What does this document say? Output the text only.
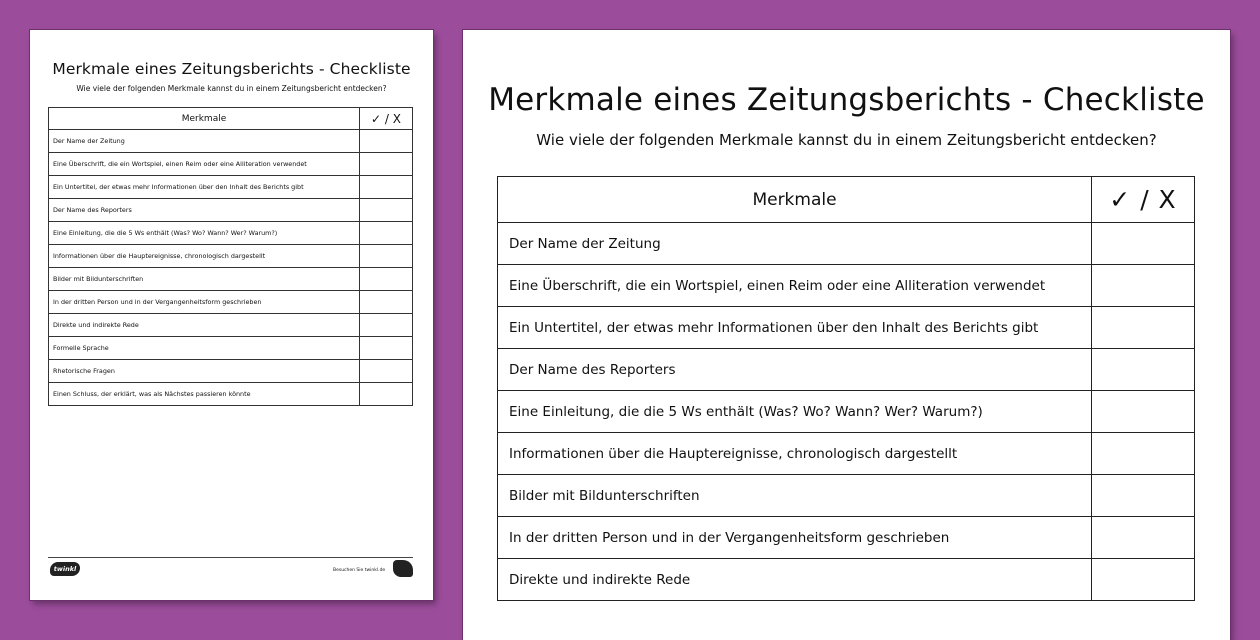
Merkmale eines Zeitungsberichts - Checkliste
Wie viele der folgenden Merkmale kannst du in einem Zeitungsbericht entdecken?
Merkmale	✓ / X
Der Name der Zeitung	
Eine Überschrift, die ein Wortspiel, einen Reim oder eine Alliteration verwendet	
Ein Untertitel, der etwas mehr Informationen über den Inhalt des Berichts gibt	
Der Name des Reporters	
Eine Einleitung, die die 5 Ws enthält (Was? Wo? Wann? Wer? Warum?)	
Informationen über die Hauptereignisse, chronologisch dargestellt	
Bilder mit Bildunterschriften	
In der dritten Person und in der Vergangenheitsform geschrieben	
Direkte und indirekte Rede	
Formelle Sprache	
Rhetorische Fragen	
Einen Schluss, der erklärt, was als Nächstes passieren könnte	
twinkl	Besuchen Sie twinkl.de
Merkmale eines Zeitungsberichts - Checkliste
Wie viele der folgenden Merkmale kannst du in einem Zeitungsbericht entdecken?
Merkmale	✓ / X
Der Name der Zeitung	
Eine Überschrift, die ein Wortspiel, einen Reim oder eine Alliteration verwendet	
Ein Untertitel, der etwas mehr Informationen über den Inhalt des Berichts gibt	
Der Name des Reporters	
Eine Einleitung, die die 5 Ws enthält (Was? Wo? Wann? Wer? Warum?)	
Informationen über die Hauptereignisse, chronologisch dargestellt	
Bilder mit Bildunterschriften	
In der dritten Person und in der Vergangenheitsform geschrieben	
Direkte und indirekte Rede	
